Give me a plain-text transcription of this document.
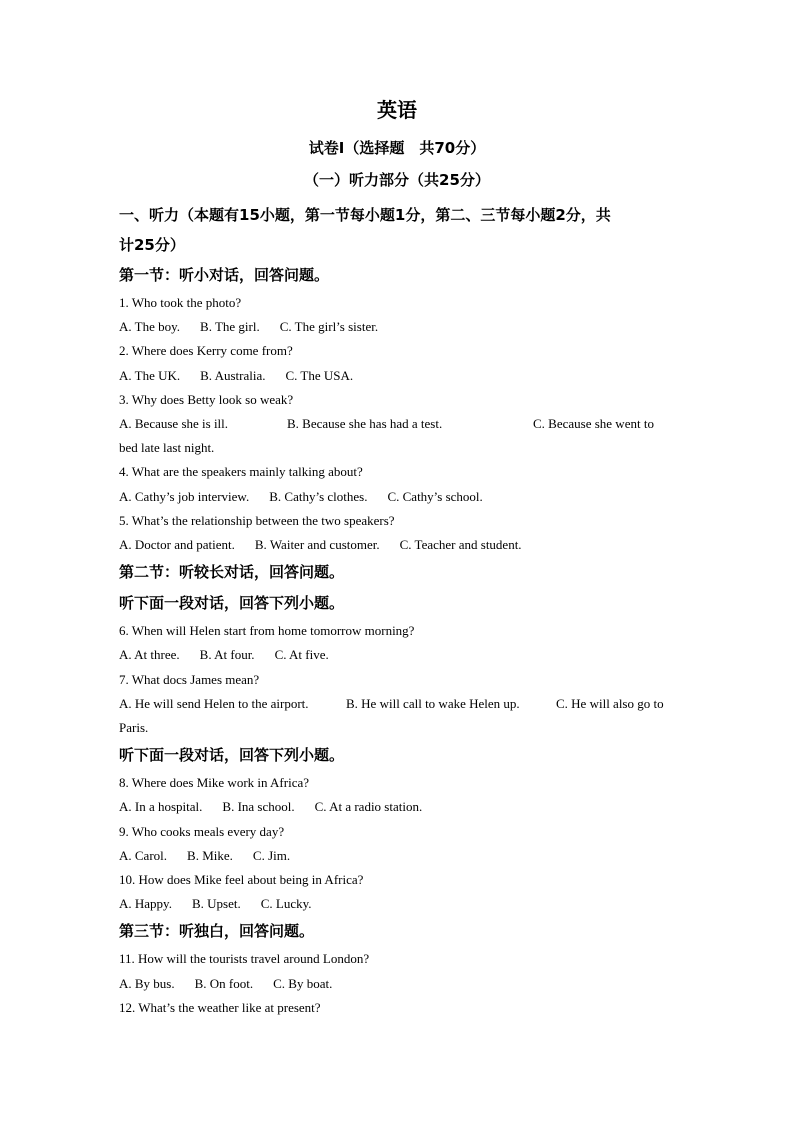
英语
试卷Ⅰ（选择题　共70分）
（一）听力部分（共25分）

一、听力（本题有15小题，第一节每小题1分，第二、三节每小题2分，共

计25分）

第一节：听小对话，回答问题。

1. Who took the photo?

A. The boy. B. The girl. C. The girl’s sister.

2. Where does Kerry come from?

A. The UK. B. Australia. C. The USA.

3. Why does Betty look so weak?

A. Because she is ill.	B. Because she has had a test.	C. Because she went to

bed late last night.

4. What are the speakers mainly talking about?

A. Cathy’s job interview. B. Cathy’s clothes. C. Cathy’s school.

5. What’s the relationship between the two speakers?

A. Doctor and patient. B. Waiter and customer. C. Teacher and student.

第二节：听较长对话，回答问题。

听下面一段对话，回答下列小题。

6. When will Helen start from home tomorrow morning?

A. At three. B. At four. C. At five.

7. What docs James mean?

A. He will send Helen to the airport.	B. He will call to wake Helen up.	C. He will also go to

Paris.

听下面一段对话，回答下列小题。

8. Where does Mike work in Africa?

A. In a hospital. B. Ina school. C. At a radio station.

9. Who cooks meals every day?

A. Carol. B. Mike. C. Jim.

10. How does Mike feel about being in Africa?

A. Happy. B. Upset. C. Lucky.

第三节：听独白，回答问题。

11. How will the tourists travel around London?

A. By bus. B. On foot. C. By boat.

12. What’s the weather like at present?
